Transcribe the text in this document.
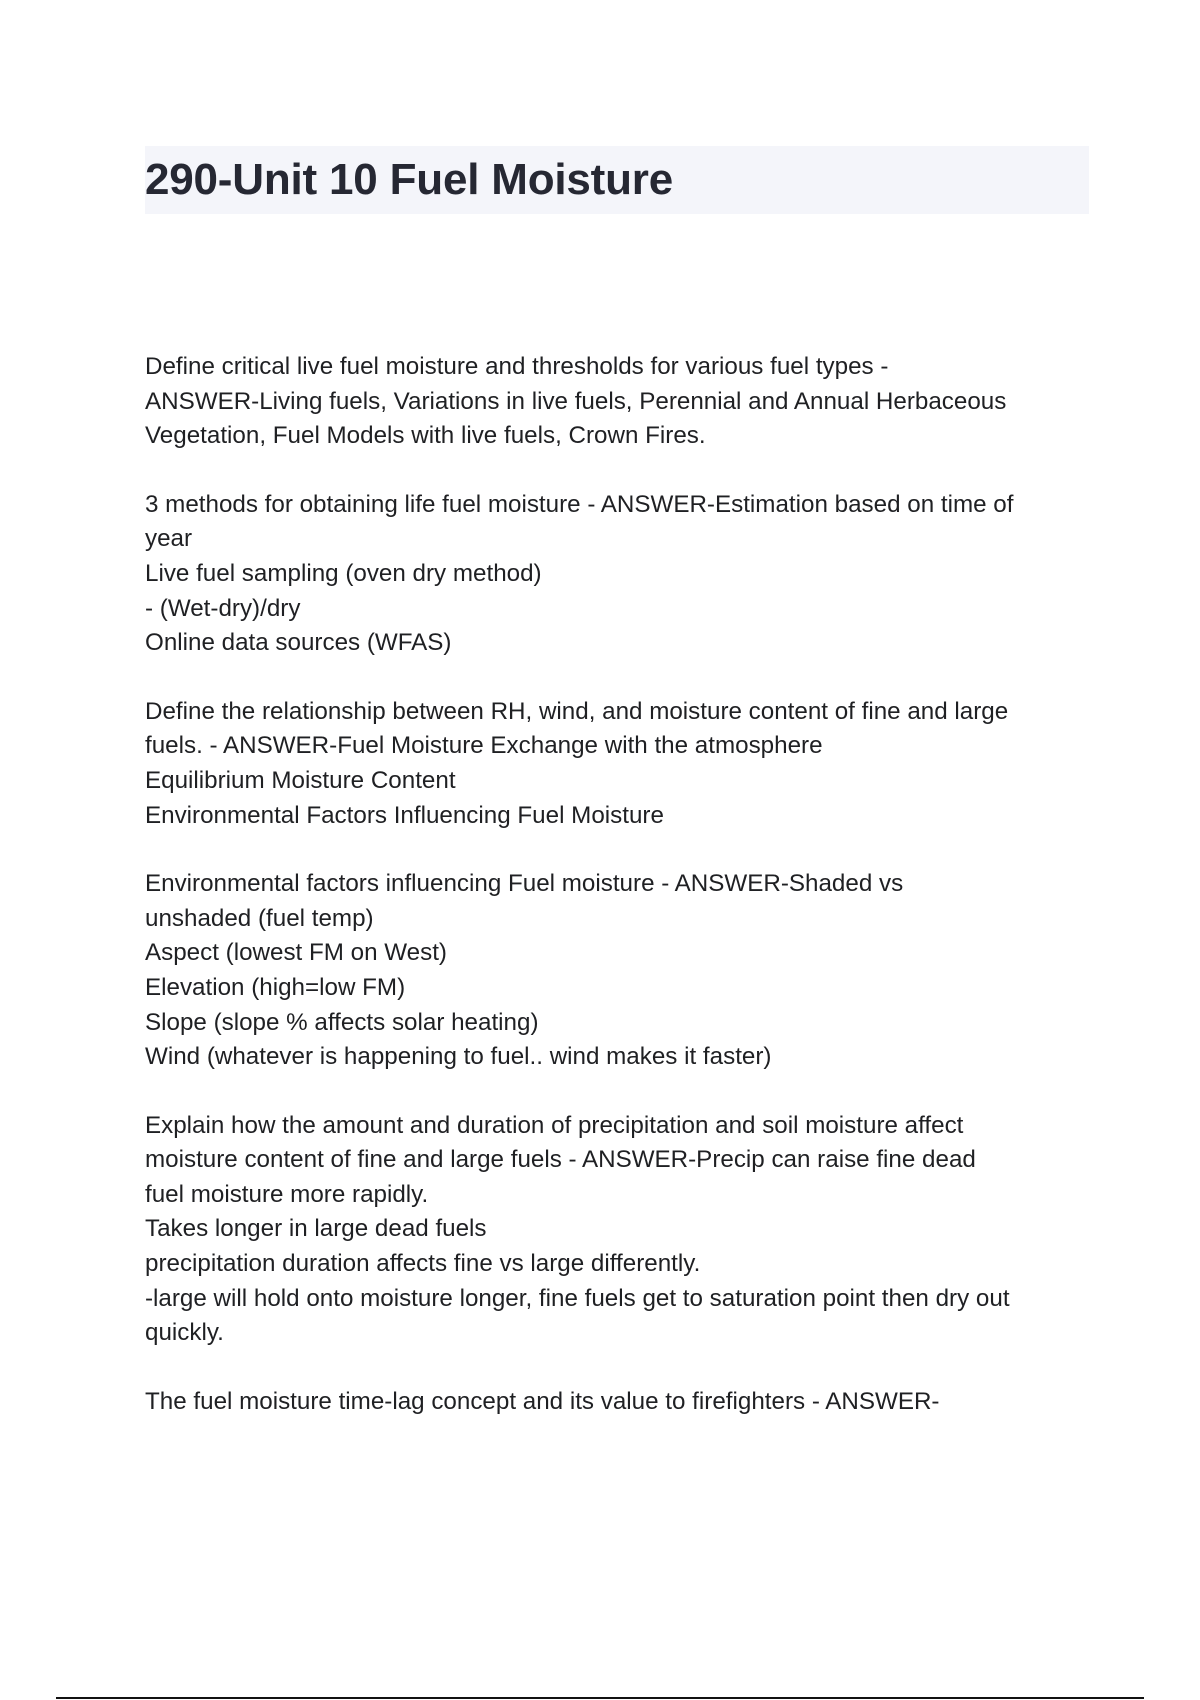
290-Unit 10 Fuel Moisture
Define critical live fuel moisture and thresholds for various fuel types -
ANSWER-Living fuels, Variations in live fuels, Perennial and Annual Herbaceous
Vegetation, Fuel Models with live fuels, Crown Fires.
3 methods for obtaining life fuel moisture - ANSWER-Estimation based on time of
year
Live fuel sampling (oven dry method)
- (Wet-dry)/dry
Online data sources (WFAS)
Define the relationship between RH, wind, and moisture content of fine and large
fuels. - ANSWER-Fuel Moisture Exchange with the atmosphere
Equilibrium Moisture Content
Environmental Factors Influencing Fuel Moisture
Environmental factors influencing Fuel moisture - ANSWER-Shaded vs
unshaded (fuel temp)
Aspect (lowest FM on West)
Elevation (high=low FM)
Slope (slope % affects solar heating)
Wind (whatever is happening to fuel.. wind makes it faster)
Explain how the amount and duration of precipitation and soil moisture affect
moisture content of fine and large fuels - ANSWER-Precip can raise fine dead
fuel moisture more rapidly.
Takes longer in large dead fuels
precipitation duration affects fine vs large differently.
-large will hold onto moisture longer, fine fuels get to saturation point then dry out
quickly.
The fuel moisture time-lag concept and its value to firefighters - ANSWER-
